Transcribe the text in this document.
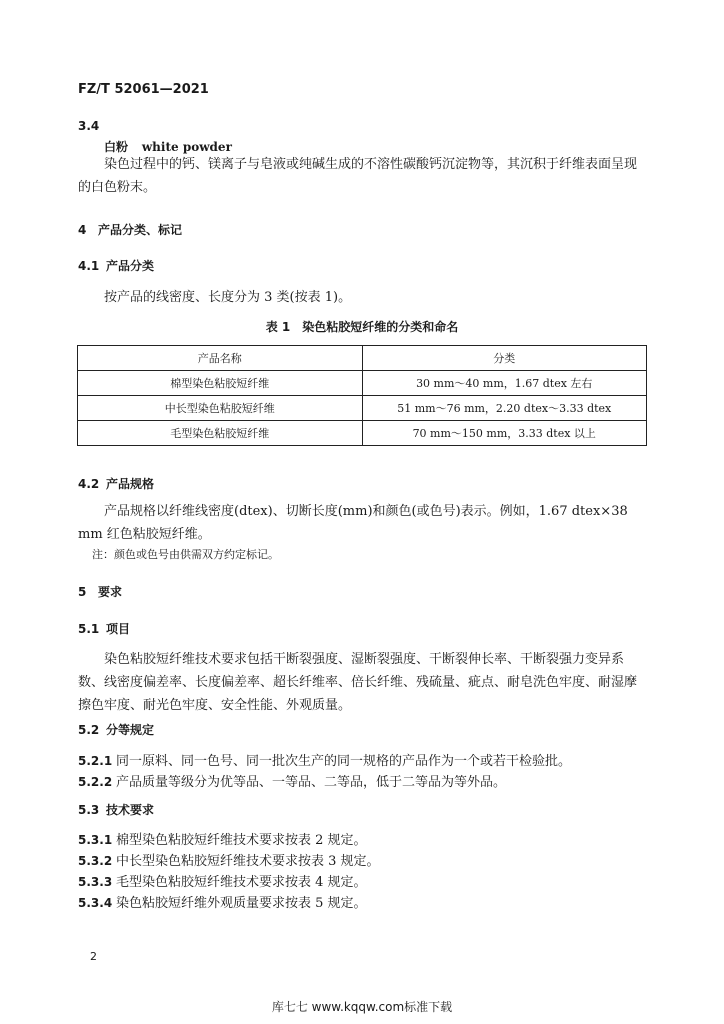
FZ/T 52061—2021
3.4
白粉 white powder
染色过程中的钙、镁离子与皂液或纯碱生成的不溶性碳酸钙沉淀物等，其沉积于纤维表面呈现的白色粉末。
4 产品分类、标记
4.1 产品分类
按产品的线密度、长度分为 3 类(按表 1)。
表 1　染色粘胶短纤维的分类和命名
产品名称	分类
棉型染色粘胶短纤维	30 mm～40 mm，1.67 dtex 左右
中长型染色粘胶短纤维	51 mm～76 mm，2.20 dtex～3.33 dtex
毛型染色粘胶短纤维	70 mm～150 mm，3.33 dtex 以上
4.2 产品规格
产品规格以纤维线密度(dtex)、切断长度(mm)和颜色(或色号)表示。例如，1.67 dtex×38 mm 红色粘胶短纤维。
注：颜色或色号由供需双方约定标记。
5 要求
5.1 项目
染色粘胶短纤维技术要求包括干断裂强度、湿断裂强度、干断裂伸长率、干断裂强力变异系数、线密度偏差率、长度偏差率、超长纤维率、倍长纤维、残硫量、疵点、耐皂洗色牢度、耐湿摩擦色牢度、耐光色牢度、安全性能、外观质量。
5.2 分等规定
5.2.1 同一原料、同一色号、同一批次生产的同一规格的产品作为一个或若干检验批。
5.2.2 产品质量等级分为优等品、一等品、二等品，低于二等品为等外品。
5.3 技术要求
5.3.1 棉型染色粘胶短纤维技术要求按表 2 规定。
5.3.2 中长型染色粘胶短纤维技术要求按表 3 规定。
5.3.3 毛型染色粘胶短纤维技术要求按表 4 规定。
5.3.4 染色粘胶短纤维外观质量要求按表 5 规定。
2
库七七 www.kqqw.com标准下载
